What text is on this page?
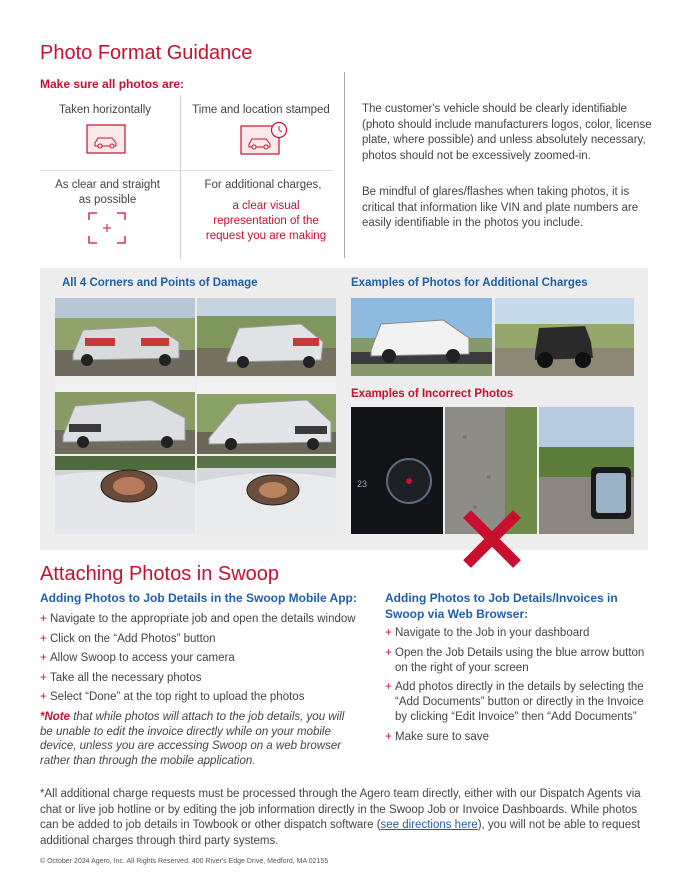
Photo Format Guidance
Make sure all photos are:
Taken horizontally	Time and location stamped
As clear and straight
as possible
For additional charges,
a clear visual representation of the request you are making
The customer's vehicle should be clearly identifiable (photo should include manufacturers logos, color, license plate, where possible) and unless absolutely necessary, photos should not be excessively zoomed-in.
Be mindful of glares/flashes when taking photos, it is critical that information like VIN and plate numbers are easily identifiable in the photos you include.
All 4 Corners and Points of Damage	Examples of Photos for Additional Charges
Examples of Incorrect Photos
23
Attaching Photos in Swoop
Adding Photos to Job Details in the Swoop Mobile App:
+ Navigate to the appropriate job and open the details window
+ Click on the “Add Photos” button
+ Allow Swoop to access your camera
+ Take all the necessary photos
+ Select “Done” at the top right to upload the photos
*Note that while photos will attach to the job details, you will be unable to edit the invoice directly while on your mobile device, unless you are accessing Swoop on a web browser rather than through the mobile application.
Adding Photos to Job Details/Invoices in Swoop via Web Browser:
+ Navigate to the Job in your dashboard
+ Open the Job Details using the blue arrow button on the right of your screen
+ Add photos directly in the details by selecting the “Add Documents” button or directly in the Invoice by clicking “Edit Invoice” then “Add Documents”
+ Make sure to save
*All additional charge requests must be processed through the Agero team directly, either with our Dispatch Agents via chat or live job hotline or by editing the job information directly in the Swoop Job or Invoice Dashboards. While photos can be added to job details in Towbook or other dispatch software (see directions here), you will not be able to request additional charges through third party systems.
© October 2024 Agero, Inc. All Rights Reserved. 400 River's Edge Drive, Medford, MA 02155
